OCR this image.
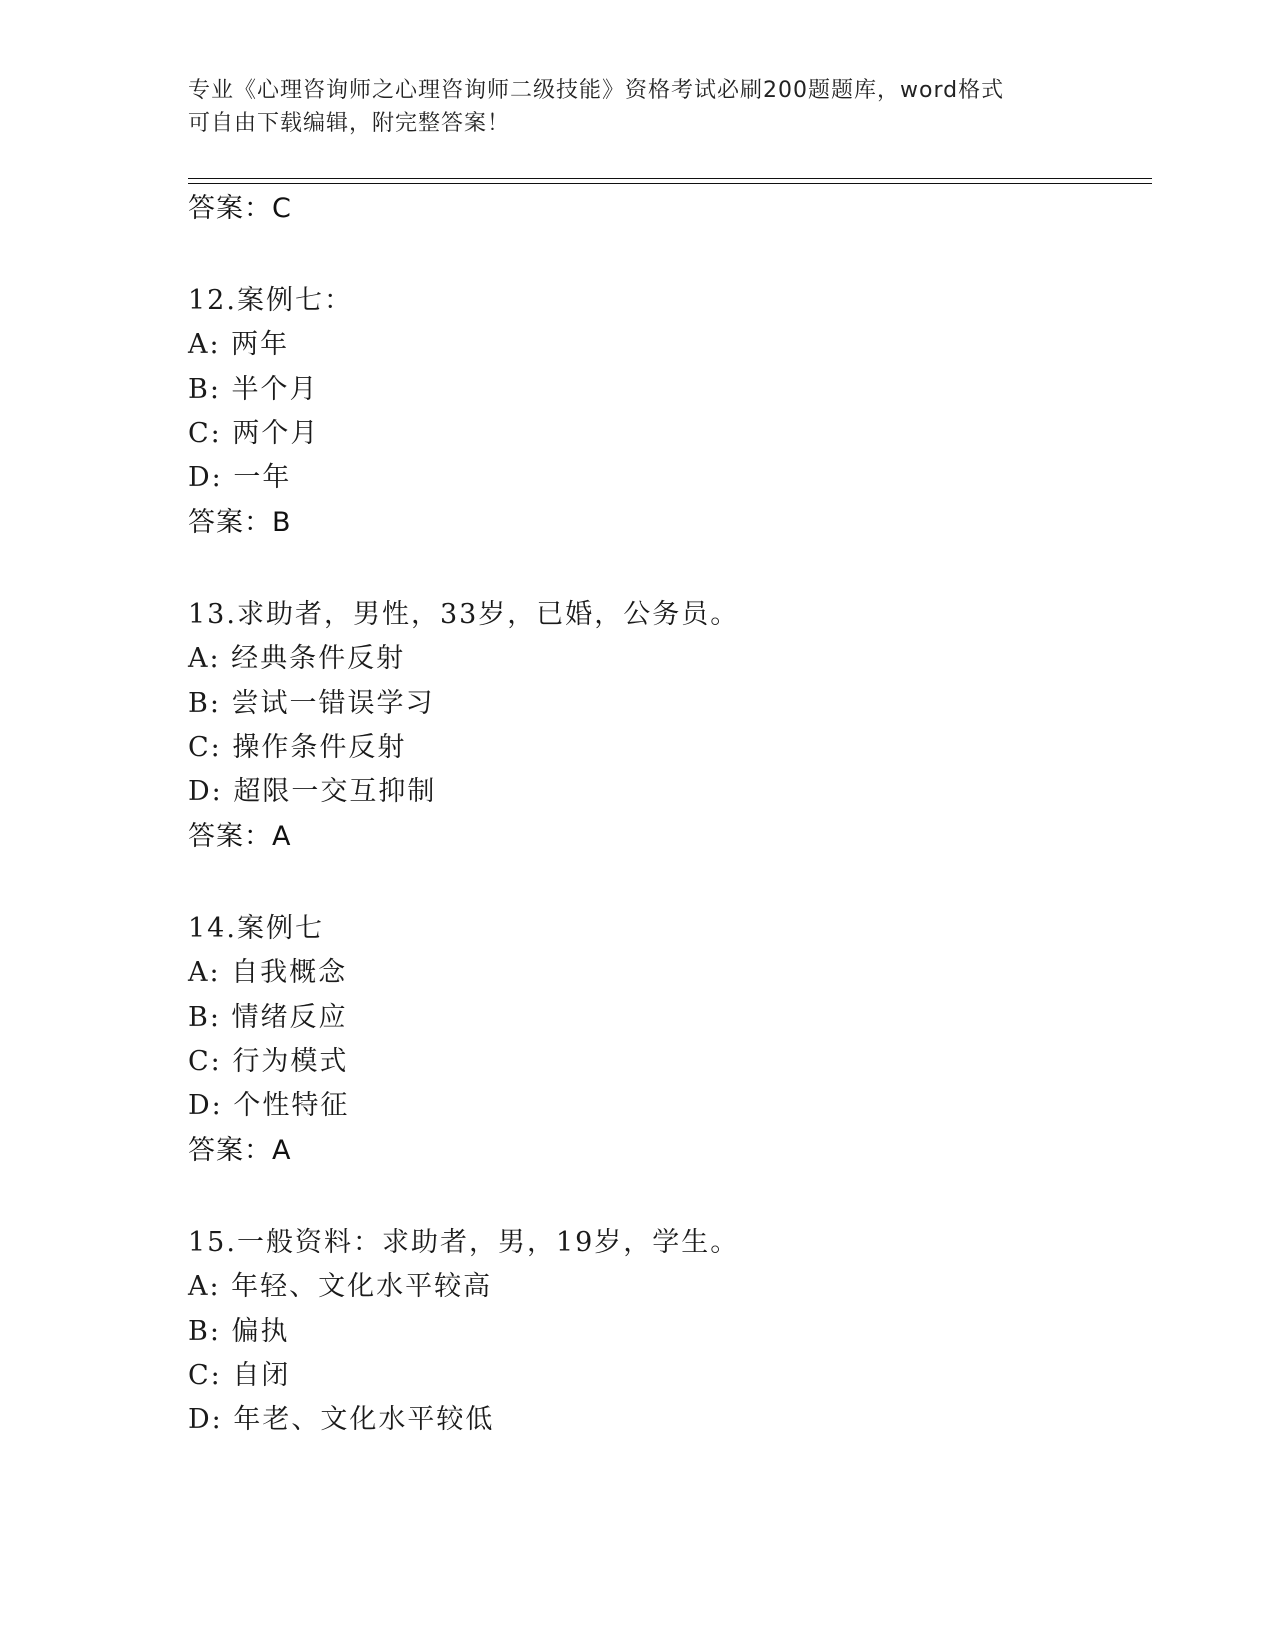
专业《心理咨询师之心理咨询师二级技能》资格考试必刷200题题库，word格式
可自由下载编辑，附完整答案！
答案：C
12.案例七：
A: 两年
B: 半个月
C: 两个月
D: 一年
答案：B
13.求助者，男性，33岁，已婚，公务员。
A: 经典条件反射
B: 尝试一错误学习
C: 操作条件反射
D: 超限一交互抑制
答案：A
14.案例七
A: 自我概念
B: 情绪反应
C: 行为模式
D: 个性特征
答案：A
15.一般资料：求助者，男，19岁，学生。
A: 年轻、文化水平较高
B: 偏执
C: 自闭
D: 年老、文化水平较低
